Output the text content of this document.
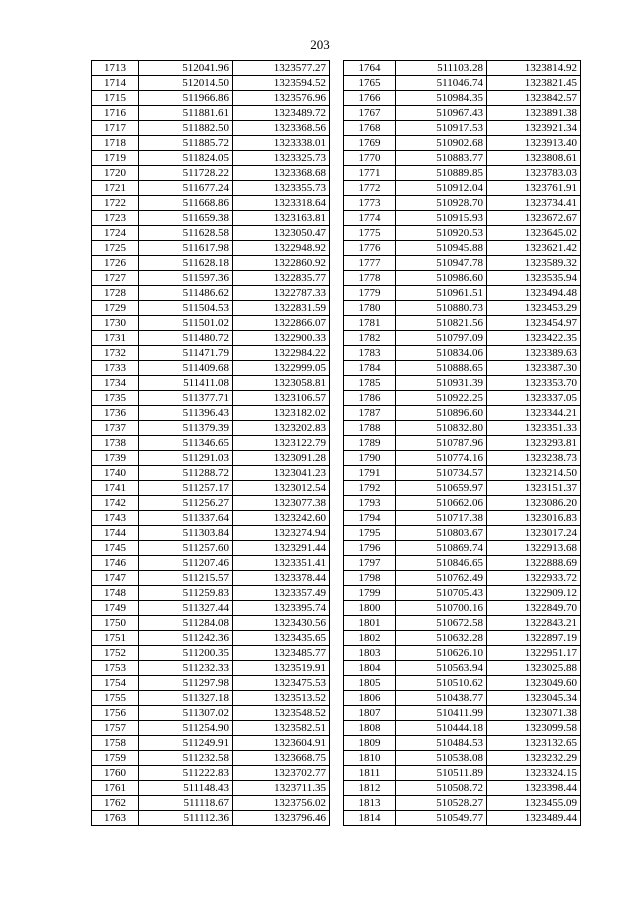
203
1713	512041.96	1323577.27
1714	512014.50	1323594.52
1715	511966.86	1323576.96
1716	511881.61	1323489.72
1717	511882.50	1323368.56
1718	511885.72	1323338.01
1719	511824.05	1323325.73
1720	511728.22	1323368.68
1721	511677.24	1323355.73
1722	511668.86	1323318.64
1723	511659.38	1323163.81
1724	511628.58	1323050.47
1725	511617.98	1322948.92
1726	511628.18	1322860.92
1727	511597.36	1322835.77
1728	511486.62	1322787.33
1729	511504.53	1322831.59
1730	511501.02	1322866.07
1731	511480.72	1322900.33
1732	511471.79	1322984.22
1733	511409.68	1322999.05
1734	511411.08	1323058.81
1735	511377.71	1323106.57
1736	511396.43	1323182.02
1737	511379.39	1323202.83
1738	511346.65	1323122.79
1739	511291.03	1323091.28
1740	511288.72	1323041.23
1741	511257.17	1323012.54
1742	511256.27	1323077.38
1743	511337.64	1323242.60
1744	511303.84	1323274.94
1745	511257.60	1323291.44
1746	511207.46	1323351.41
1747	511215.57	1323378.44
1748	511259.83	1323357.49
1749	511327.44	1323395.74
1750	511284.08	1323430.56
1751	511242.36	1323435.65
1752	511200.35	1323485.77
1753	511232.33	1323519.91
1754	511297.98	1323475.53
1755	511327.18	1323513.52
1756	511307.02	1323548.52
1757	511254.90	1323582.51
1758	511249.91	1323604.91
1759	511232.58	1323668.75
1760	511222.83	1323702.77
1761	511148.43	1323711.35
1762	511118.67	1323756.02
1763	511112.36	1323796.46
1764	511103.28	1323814.92
1765	511046.74	1323821.45
1766	510984.35	1323842.57
1767	510967.43	1323891.38
1768	510917.53	1323921.34
1769	510902.68	1323913.40
1770	510883.77	1323808.61
1771	510889.85	1323783.03
1772	510912.04	1323761.91
1773	510928.70	1323734.41
1774	510915.93	1323672.67
1775	510920.53	1323645.02
1776	510945.88	1323621.42
1777	510947.78	1323589.32
1778	510986.60	1323535.94
1779	510961.51	1323494.48
1780	510880.73	1323453.29
1781	510821.56	1323454.97
1782	510797.09	1323422.35
1783	510834.06	1323389.63
1784	510888.65	1323387.30
1785	510931.39	1323353.70
1786	510922.25	1323337.05
1787	510896.60	1323344.21
1788	510832.80	1323351.33
1789	510787.96	1323293.81
1790	510774.16	1323238.73
1791	510734.57	1323214.50
1792	510659.97	1323151.37
1793	510662.06	1323086.20
1794	510717.38	1323016.83
1795	510803.67	1323017.24
1796	510869.74	1322913.68
1797	510846.65	1322888.69
1798	510762.49	1322933.72
1799	510705.43	1322909.12
1800	510700.16	1322849.70
1801	510672.58	1322843.21
1802	510632.28	1322897.19
1803	510626.10	1322951.17
1804	510563.94	1323025.88
1805	510510.62	1323049.60
1806	510438.77	1323045.34
1807	510411.99	1323071.38
1808	510444.18	1323099.58
1809	510484.53	1323132.65
1810	510538.08	1323232.29
1811	510511.89	1323324.15
1812	510508.72	1323398.44
1813	510528.27	1323455.09
1814	510549.77	1323489.44
